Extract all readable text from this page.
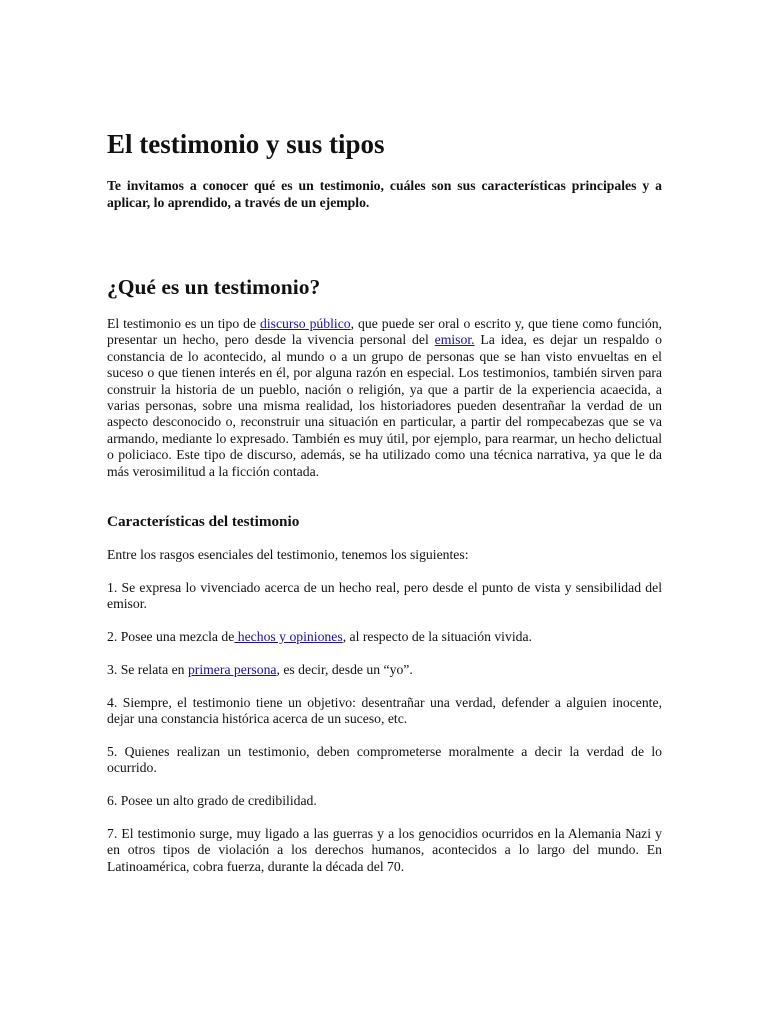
El testimonio y sus tipos

Te invitamos a conocer qué es un testimonio, cuáles son sus características principales y a aplicar, lo aprendido, a través de un ejemplo.

¿Qué es un testimonio?

El testimonio es un tipo de discurso público, que puede ser oral o escrito y, que tiene como función, presentar un hecho, pero desde la vivencia personal del emisor. La idea, es dejar un respaldo o constancia de lo acontecido, al mundo o a un grupo de personas que se han visto envueltas en el suceso o que tienen interés en él, por alguna razón en especial. Los testimonios, también sirven para construir la historia de un pueblo, nación o religión, ya que a partir de la experiencia acaecida, a varias personas, sobre una misma realidad, los historiadores pueden desentrañar la verdad de un aspecto desconocido o, reconstruir una situación en particular, a partir del rompecabezas que se va armando, mediante lo expresado. También es muy útil, por ejemplo, para rearmar, un hecho delictual o policiaco. Este tipo de discurso, además, se ha utilizado como una técnica narrativa, ya que le da más verosimilitud a la ficción contada.

Características del testimonio

Entre los rasgos esenciales del testimonio, tenemos los siguientes:

1. Se expresa lo vivenciado acerca de un hecho real, pero desde el punto de vista y sensibilidad del emisor.

2. Posee una mezcla de hechos y opiniones, al respecto de la situación vivida.

3. Se relata en primera persona, es decir, desde un “yo”.

4. Siempre, el testimonio tiene un objetivo: desentrañar una verdad, defender a alguien inocente, dejar una constancia histórica acerca de un suceso, etc.

5. Quienes realizan un testimonio, deben comprometerse moralmente a decir la verdad de lo ocurrido.

6. Posee un alto grado de credibilidad.

7. El testimonio surge, muy ligado a las guerras y a los genocidios ocurridos en la Alemania Nazi y en otros tipos de violación a los derechos humanos, acontecidos a lo largo del mundo. En Latinoamérica, cobra fuerza, durante la década del 70.
